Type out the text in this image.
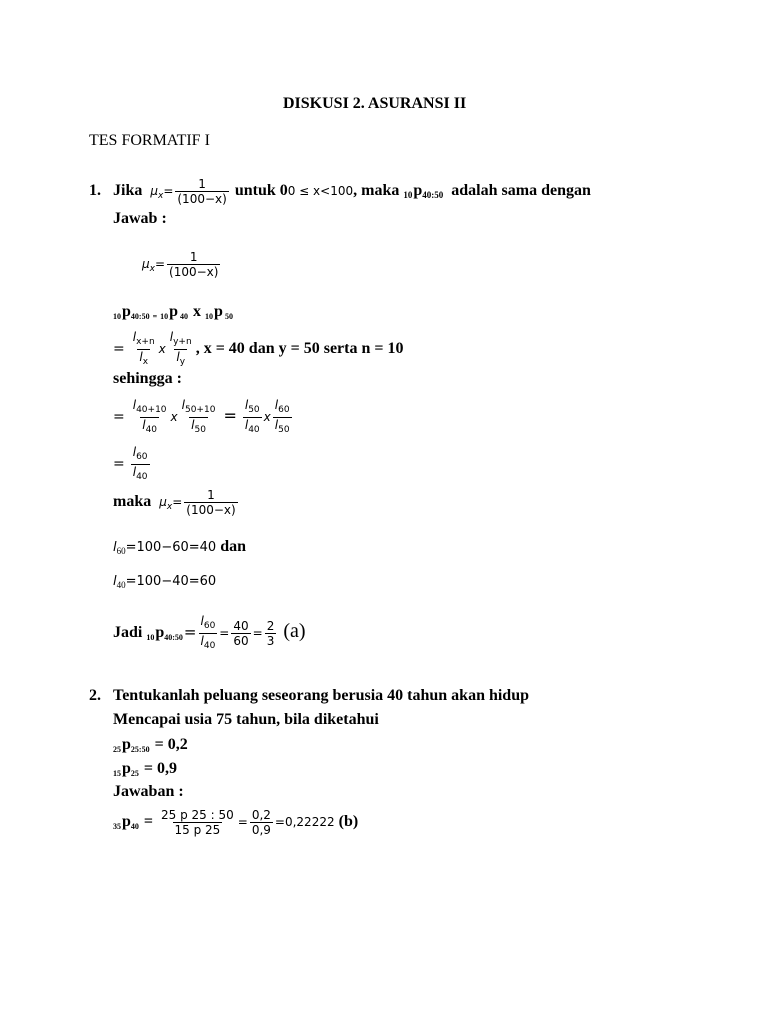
DISKUSI 2. ASURANSI II
TES FORMATIF I
1. Jika $\mu_x= \frac{1}{(100-x)}$ untuk 00 ≤ x<100, maka $10p_{40:50}$ adalah sama dengan
Jawab :
$\mu_x= \frac{1}{(100-x)}$
10p40:50 = 10p 40 x 10p 50
= $\frac{l_{x+n}}{l_x}$ x $\frac{l_{y+n}}{l_y}$ , x = 40 dan y = 50 serta n = 10
sehingga :
= $\frac{l_{40+10}}{l_{40}}$ x $\frac{l_{50+10}}{l_{50}} = \frac{l_{50}}{l_{40}}$ x $\frac{l_{60}}{l_{50}}$
= $\frac{l_{60}}{l_{40}}$
maka $\mu_x= \frac{1}{(100-x)}$
$l_{60}=100-60=40$ dan
$l_{40}=100-40=60$
Jadi 10p40:50= $\frac{l_{60}}{l_{40}} = \frac{40}{60} = \frac{2}{3} (a)$
2. Tentukanlah peluang seseorang berusia 40 tahun akan hidup
Mencapai usia 75 tahun, bila diketahui
25p25:50 = 0,2
15p25 = 0,9
Jawaban :
$35p40 = \frac{25 p 25 : 50}{15 p 25} = \frac{0,2}{0,9} =0,22222$ (b)
